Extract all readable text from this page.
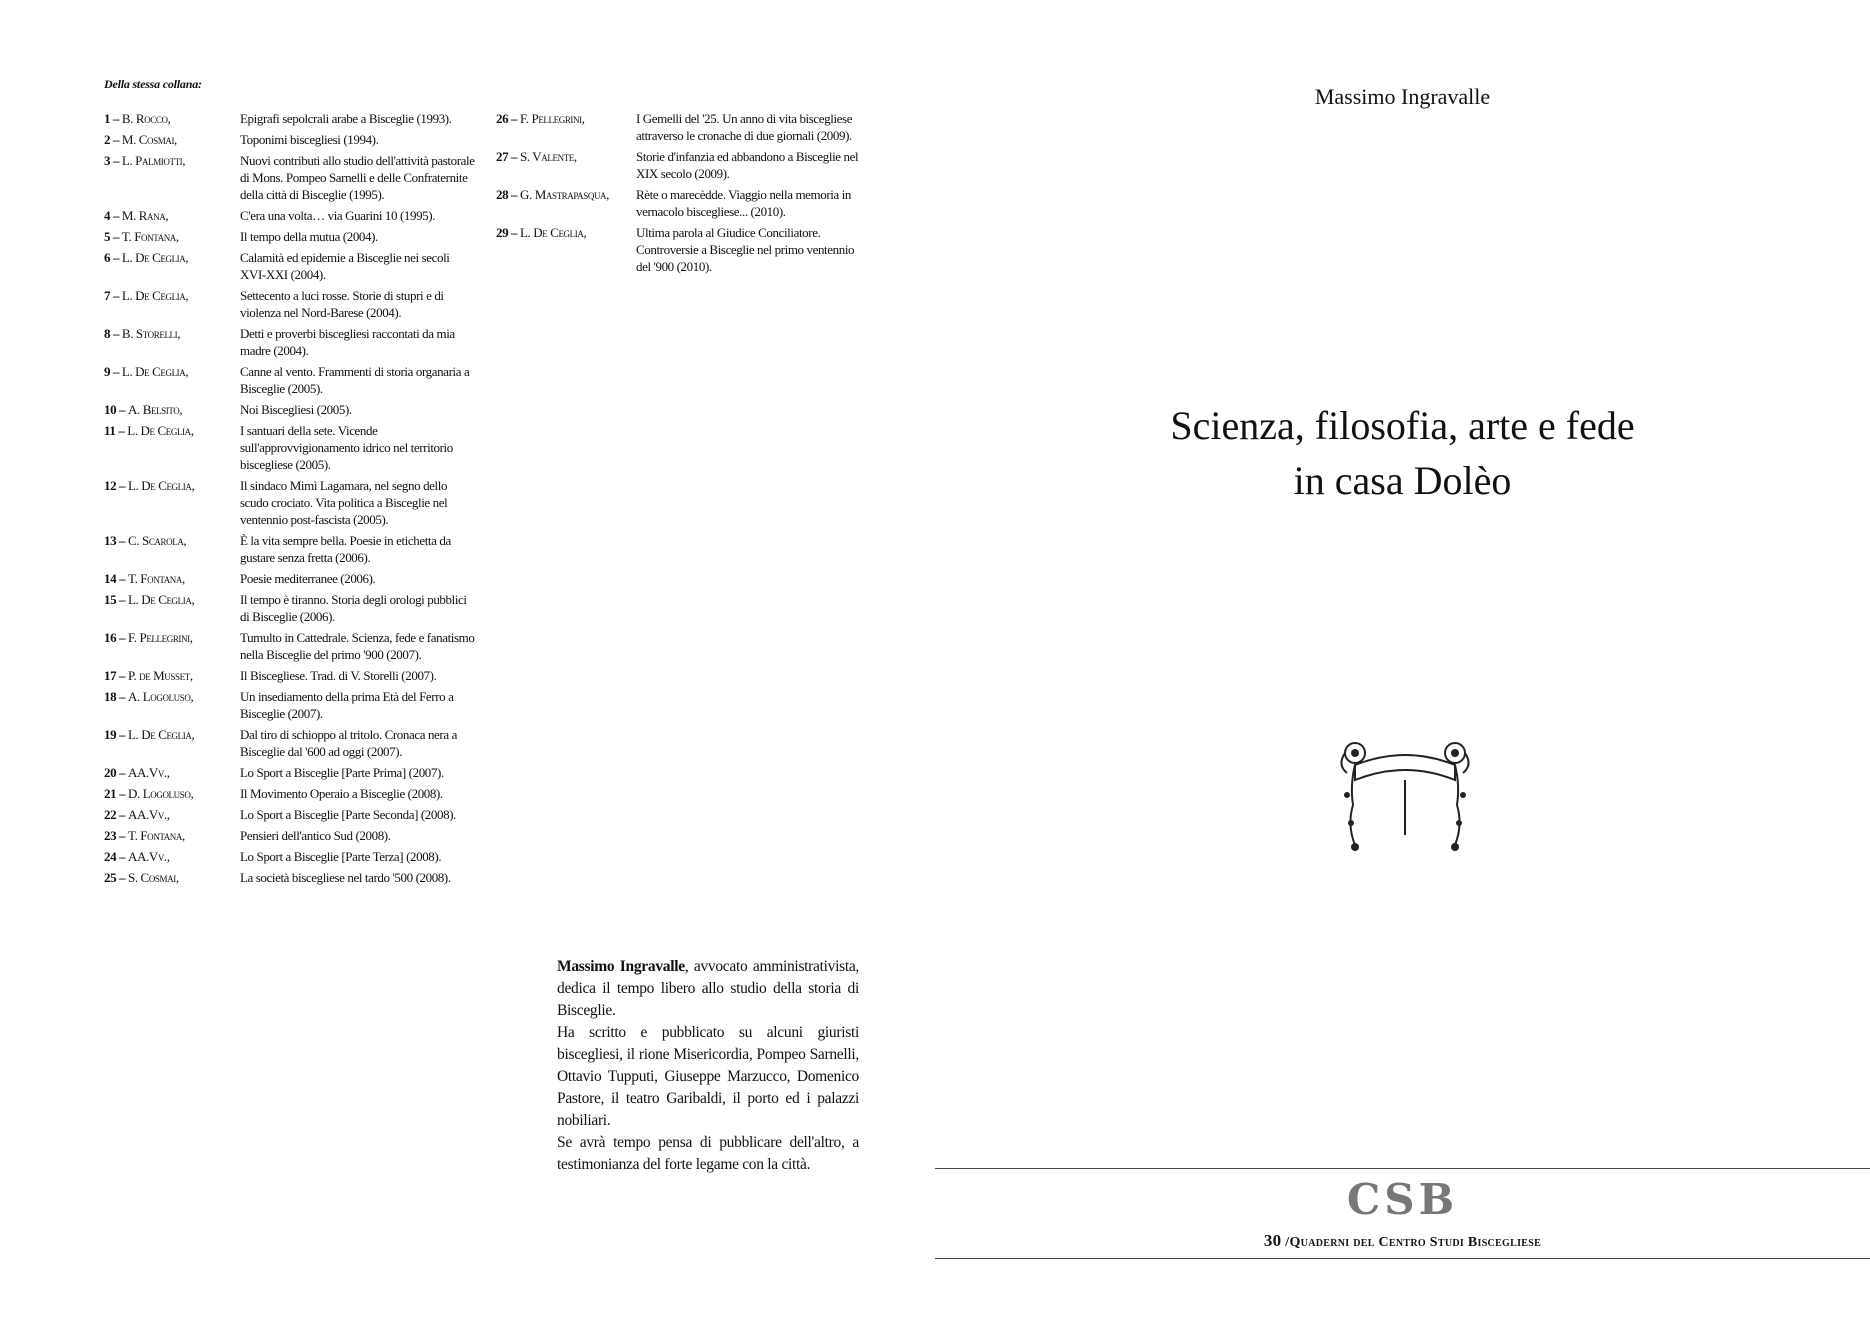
Della stessa collana:
1 – B. Rocco,	Epigrafi sepolcrali arabe a Bisceglie (1993).
2 – M. Cosmai,	Toponimi biscegliesi (1994).
3 – L. Palmiotti,	Nuovi contributi allo studio dell'attività pastorale di Mons. Pompeo Sarnelli e delle Confraternite della città di Bisceglie (1995).
4 – M. Rana,	C'era una volta… via Guarini 10 (1995).
5 – T. Fontana,	Il tempo della mutua (2004).
6 – L. De Ceglia,	Calamità ed epidemie a Bisceglie nei secoli XVI-XXI (2004).
7 – L. De Ceglia,	Settecento a luci rosse. Storie di stupri e di violenza nel Nord-Barese (2004).
8 – B. Storelli,	Detti e proverbi biscegliesi raccontati da mia madre (2004).
9 – L. De Ceglia,	Canne al vento. Frammenti di storia organaria a Bisceglie (2005).
10 – A. Belsito,	Noi Biscegliesi (2005).
11 – L. De Ceglia,	I santuari della sete. Vicende sull'approvvigionamento idrico nel territorio biscegliese (2005).
12 – L. De Ceglia,	Il sindaco Mimì Lagamara, nel segno dello scudo crociato. Vita politica a Bisceglie nel ventennio post-fascista (2005).
13 – C. Scarola,	È la vita sempre bella. Poesie in etichetta da gustare senza fretta (2006).
14 – T. Fontana,	Poesie mediterranee (2006).
15 – L. De Ceglia,	Il tempo è tiranno. Storia degli orologi pubblici di Bisceglie (2006).
16 – F. Pellegrini,	Tumulto in Cattedrale. Scienza, fede e fanatismo nella Bisceglie del primo '900 (2007).
17 – P. de Musset,	Il Biscegliese. Trad. di V. Storelli (2007).
18 – A. Logoluso,	Un insediamento della prima Età del Ferro a Bisceglie (2007).
19 – L. De Ceglia,	Dal tiro di schioppo al tritolo. Cronaca nera a Bisceglie dal '600 ad oggi (2007).
20 – AA.Vv.,	Lo Sport a Bisceglie [Parte Prima] (2007).
21 – D. Logoluso,	Il Movimento Operaio a Bisceglie (2008).
22 – AA.Vv.,	Lo Sport a Bisceglie [Parte Seconda] (2008).
23 – T. Fontana,	Pensieri dell'antico Sud (2008).
24 – AA.Vv.,	Lo Sport a Bisceglie [Parte Terza] (2008).
25 – S. Cosmai,	La società biscegliese nel tardo '500 (2008).
26 – F. Pellegrini,	I Gemelli del '25. Un anno di vita biscegliese attraverso le cronache di due giornali (2009).
27 – S. Valente,	Storie d'infanzia ed abbandono a Bisceglie nel XIX secolo (2009).
28 – G. Mastrapasqua,	Rète o marecèdde. Viaggio nella memoria in vernacolo biscegliese... (2010).
29 – L. De Ceglia,	Ultima parola al Giudice Conciliatore. Controversie a Bisceglie nel primo ventennio del '900 (2010).

Massimo Ingravalle, avvocato amministrativista, dedica il tempo libero allo studio della storia di Bisceglie.

Ha scritto e pubblicato su alcuni giuristi biscegliesi, il rione Misericordia, Pompeo Sarnelli, Ottavio Tupputi, Giuseppe Marzucco, Domenico Pastore, il teatro Garibaldi, il porto ed i palazzi nobiliari.

Se avrà tempo pensa di pubblicare dell'altro, a testimonianza del forte legame con la città.

Massimo Ingravalle
Scienza, filosofia, arte e fede
in casa Dolèo
CSB
30 /Quaderni del Centro Studi Biscegliese
